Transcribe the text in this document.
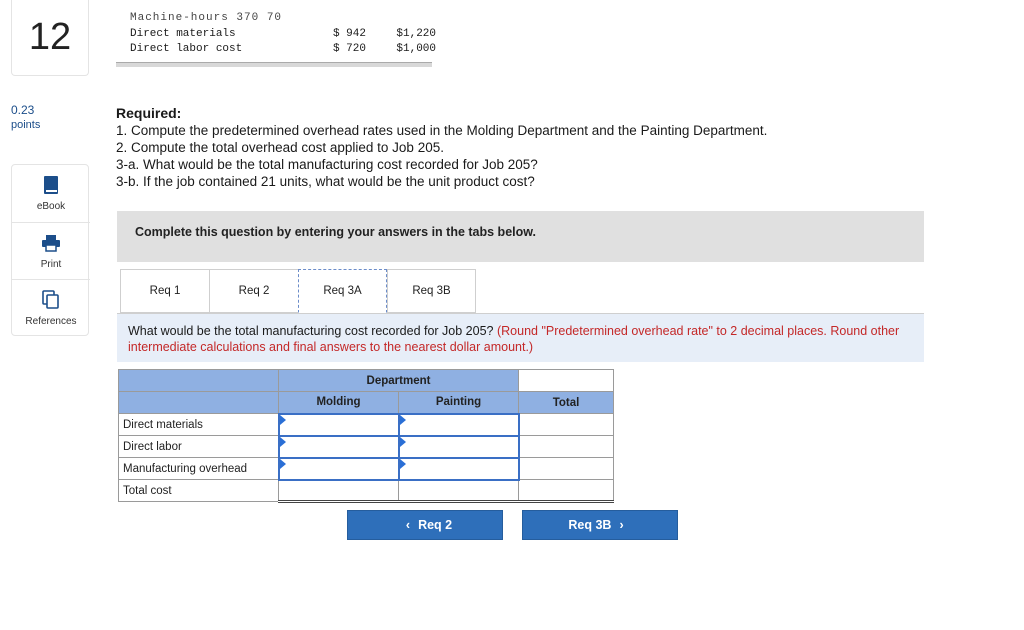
12
0.23
points
eBook
Print
References
Machine-hours 370 70
Direct materials	$ 942	$1,220
Direct labor cost	$ 720	$1,000
Required:
1. Compute the predetermined overhead rates used in the Molding Department and the Painting Department.
2. Compute the total overhead cost applied to Job 205.
3-a. What would be the total manufacturing cost recorded for Job 205?
3-b. If the job contained 21 units, what would be the unit product cost?
Complete this question by entering your answers in the tabs below.
Req 1	Req 2	Req 3A	Req 3B
What would be the total manufacturing cost recorded for Job 205? (Round "Predetermined overhead rate" to 2 decimal places. Round other intermediate calculations and final answers to the nearest dollar amount.)
	Department		
	Molding	Painting	Total
Direct materials	

Direct labor	

Manufacturing overhead	

Total cost			
‹ Req 2	Req 3B ›
